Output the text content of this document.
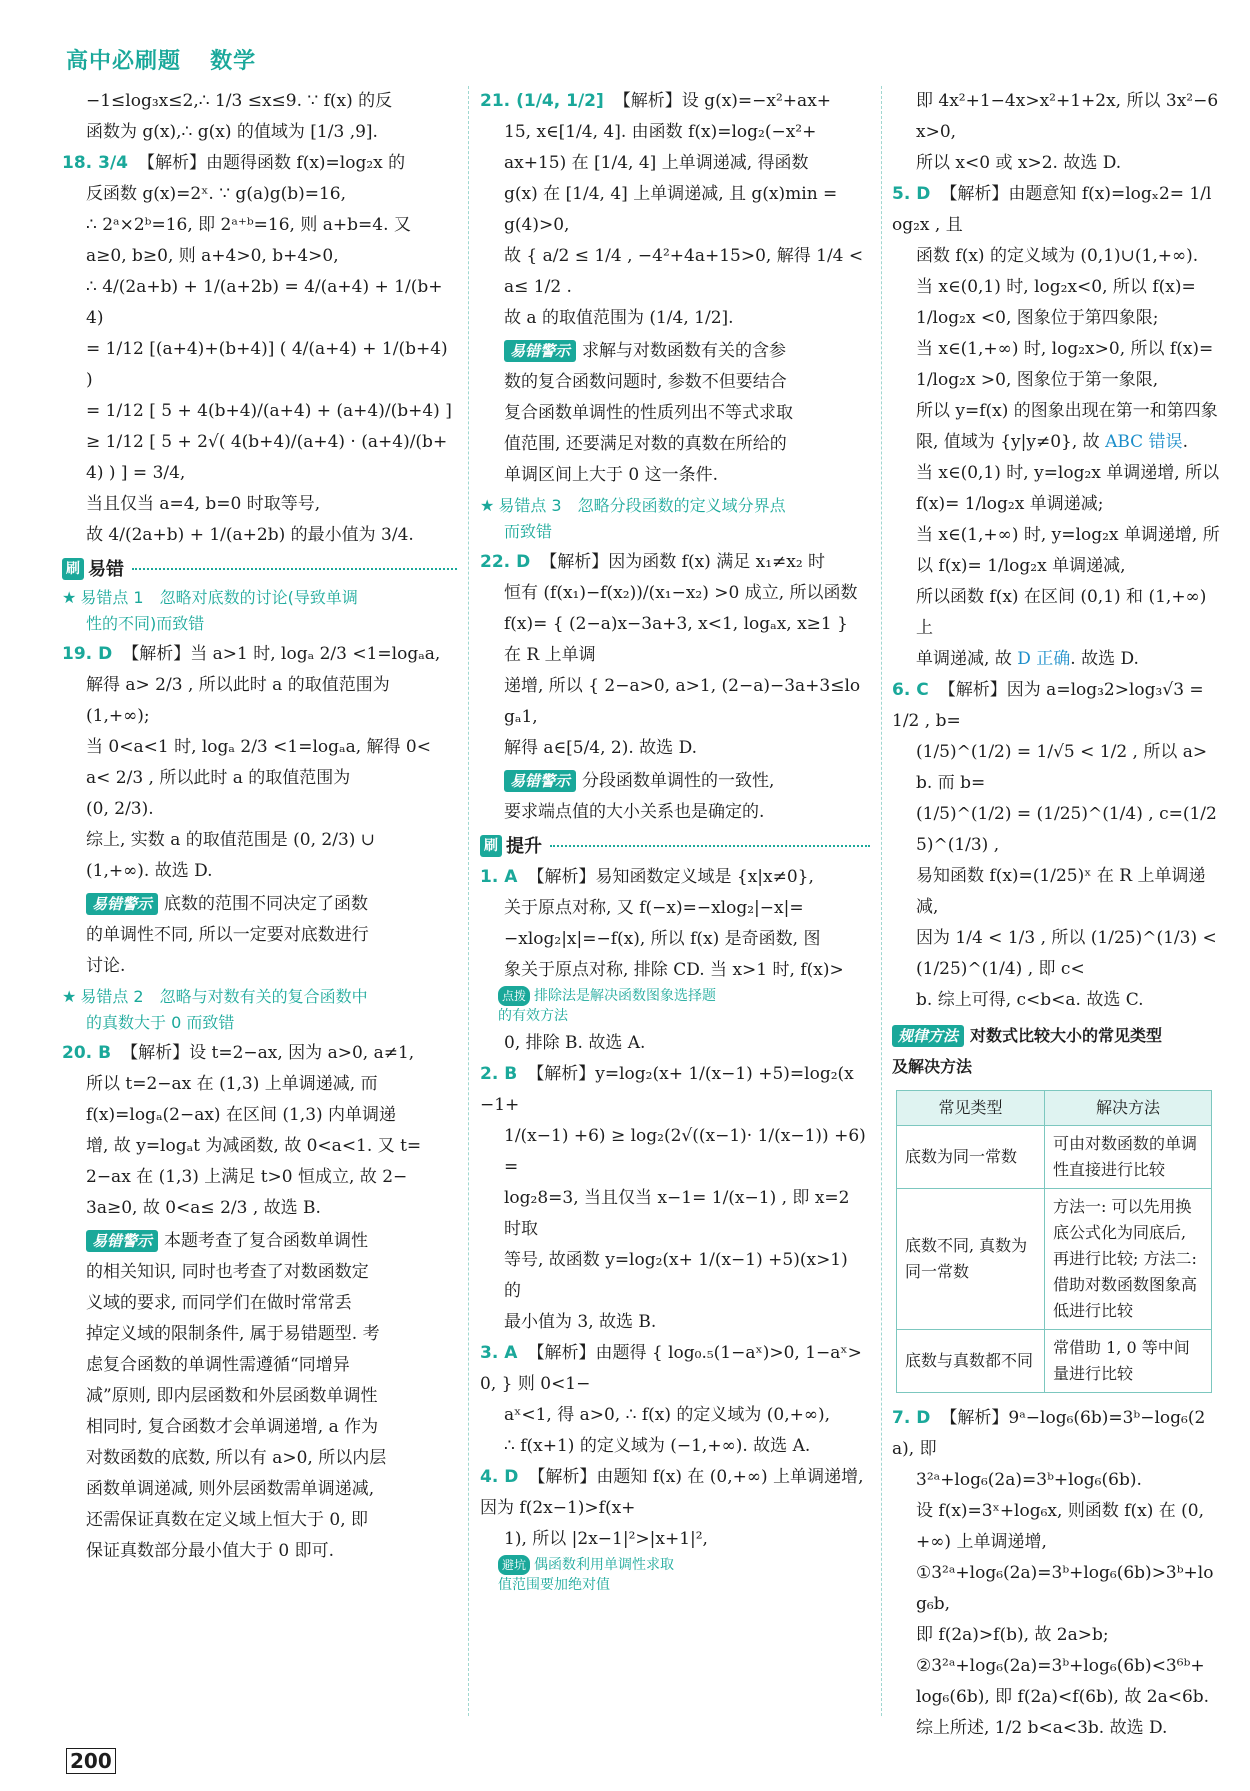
高中必刷题 数学
−1≤log₃x≤2,∴ 1/3 ≤x≤9. ∵ f(x) 的反
函数为 g(x),∴ g(x) 的值域为 [1/3 ,9].
18. 3/4 【解析】由题得函数 f(x)=log₂x 的
反函数 g(x)=2ˣ. ∵ g(a)g(b)=16,
∴ 2ᵃ×2ᵇ=16, 即 2ᵃ⁺ᵇ=16, 则 a+b=4. 又
a≥0, b≥0, 则 a+4>0, b+4>0,
∴ 4/(2a+b) + 1/(a+2b) = 4/(a+4) + 1/(b+4)
= 1/12 [(a+4)+(b+4)] ( 4/(a+4) + 1/(b+4) )
= 1/12 [ 5 + 4(b+4)/(a+4) + (a+4)/(b+4) ]
≥ 1/12 [ 5 + 2√( 4(b+4)/(a+4) · (a+4)/(b+4) ) ] = 3/4,
当且仅当 a=4, b=0 时取等号,
故 4/(2a+b) + 1/(a+2b) 的最小值为 3/4.
刷 易错
★ 易错点 1　忽略对底数的讨论(导致单调
性的不同)而致错
19. D 【解析】当 a>1 时, logₐ 2/3 <1=logₐa,
解得 a> 2/3 , 所以此时 a 的取值范围为
(1,+∞);
当 0<a<1 时, logₐ 2/3 <1=logₐa, 解得 0<
a< 2/3 , 所以此时 a 的取值范围为
(0, 2/3).
综上, 实数 a 的取值范围是 (0, 2/3) ∪
(1,+∞). 故选 D.
易错警示 底数的范围不同决定了函数
的单调性不同, 所以一定要对底数进行
讨论.
★ 易错点 2　忽略与对数有关的复合函数中
的真数大于 0 而致错
20. B 【解析】设 t=2−ax, 因为 a>0, a≠1,
所以 t=2−ax 在 (1,3) 上单调递减, 而
f(x)=logₐ(2−ax) 在区间 (1,3) 内单调递
增, 故 y=logₐt 为减函数, 故 0<a<1. 又 t=
2−ax 在 (1,3) 上满足 t>0 恒成立, 故 2−
3a≥0, 故 0<a≤ 2/3 , 故选 B.
易错警示 本题考查了复合函数单调性
的相关知识, 同时也考查了对数函数定
义域的要求, 而同学们在做时常常丢
掉定义域的限制条件, 属于易错题型. 考
虑复合函数的单调性需遵循“同增异
减”原则, 即内层函数和外层函数单调性
相同时, 复合函数才会单调递增, a 作为
对数函数的底数, 所以有 a>0, 所以内层
函数单调递减, 则外层函数需单调递减,
还需保证真数在定义域上恒大于 0, 即
保证真数部分最小值大于 0 即可.
21. (1/4, 1/2] 【解析】设 g(x)=−x²+ax+
15, x∈[1/4, 4]. 由函数 f(x)=log₂(−x²+
ax+15) 在 [1/4, 4] 上单调递减, 得函数
g(x) 在 [1/4, 4] 上单调递减, 且 g(x)min =
g(4)>0,
故 { a/2 ≤ 1/4 , −4²+4a+15>0, 解得 1/4 <a≤ 1/2 .
故 a 的取值范围为 (1/4, 1/2].
易错警示 求解与对数函数有关的含参
数的复合函数问题时, 参数不但要结合
复合函数单调性的性质列出不等式求取
值范围, 还要满足对数的真数在所给的
单调区间上大于 0 这一条件.
★ 易错点 3　忽略分段函数的定义域分界点
而致错
22. D 【解析】因为函数 f(x) 满足 x₁≠x₂ 时
恒有 (f(x₁)−f(x₂))/(x₁−x₂) >0 成立, 所以函数
f(x)= { (2−a)x−3a+3, x<1, logₐx, x≥1 } 在 R 上单调
递增, 所以 { 2−a>0, a>1, (2−a)−3a+3≤logₐ1,
解得 a∈[5/4, 2). 故选 D.
易错警示 分段函数单调性的一致性,
要求端点值的大小关系也是确定的.
刷 提升
1. A 【解析】易知函数定义域是 {x|x≠0},
关于原点对称, 又 f(−x)=−xlog₂|−x|=
−xlog₂|x|=−f(x), 所以 f(x) 是奇函数, 图
象关于原点对称, 排除 CD. 当 x>1 时, f(x)>
点拨 排除法是解决函数图象选择题
的有效方法
0, 排除 B. 故选 A.
2. B 【解析】y=log₂(x+ 1/(x−1) +5)=log₂(x−1+
1/(x−1) +6) ≥ log₂(2√((x−1)· 1/(x−1)) +6)=
log₂8=3, 当且仅当 x−1= 1/(x−1) , 即 x=2 时取
等号, 故函数 y=log₂(x+ 1/(x−1) +5)(x>1) 的
最小值为 3, 故选 B.
3. A 【解析】由题得 { log₀.₅(1−aˣ)>0, 1−aˣ>0, } 则 0<1−
aˣ<1, 得 a>0, ∴ f(x) 的定义域为 (0,+∞),
∴ f(x+1) 的定义域为 (−1,+∞). 故选 A.
4. D 【解析】由题知 f(x) 在 (0,+∞) 上单调递增, 因为 f(2x−1)>f(x+
1), 所以 |2x−1|²>|x+1|²,
避坑 偶函数利用单调性求取
值范围要加绝对值
即 4x²+1−4x>x²+1+2x, 所以 3x²−6x>0,
所以 x<0 或 x>2. 故选 D.
5. D 【解析】由题意知 f(x)=logₓ2= 1/log₂x , 且
函数 f(x) 的定义域为 (0,1)∪(1,+∞).
当 x∈(0,1) 时, log₂x<0, 所以 f(x)=
1/log₂x <0, 图象位于第四象限;
当 x∈(1,+∞) 时, log₂x>0, 所以 f(x)=
1/log₂x >0, 图象位于第一象限,
所以 y=f(x) 的图象出现在第一和第四象
限, 值域为 {y|y≠0}, 故 ABC 错误.
当 x∈(0,1) 时, y=log₂x 单调递增, 所以
f(x)= 1/log₂x 单调递减;
当 x∈(1,+∞) 时, y=log₂x 单调递增, 所
以 f(x)= 1/log₂x 单调递减,
所以函数 f(x) 在区间 (0,1) 和 (1,+∞) 上
单调递减, 故 D 正确. 故选 D.
6. C 【解析】因为 a=log₃2>log₃√3 = 1/2 , b=
(1/5)^(1/2) = 1/√5 < 1/2 , 所以 a>b. 而 b=
(1/5)^(1/2) = (1/25)^(1/4) , c=(1/25)^(1/3) ,
易知函数 f(x)=(1/25)ˣ 在 R 上单调递减,
因为 1/4 < 1/3 , 所以 (1/25)^(1/3) <(1/25)^(1/4) , 即 c<
b. 综上可得, c<b<a. 故选 C.
规律方法 对数式比较大小的常见类型
及解决方法
常见类型	解决方法
底数为同一常数	可由对数函数的单调性直接进行比较
底数不同, 真数为同一常数	方法一: 可以先用换底公式化为同底后, 再进行比较; 方法二: 借助对数函数图象高低进行比较
底数与真数都不同	常借助 1, 0 等中间量进行比较
7. D 【解析】9ᵃ−log₆(6b)=3ᵇ−log₆(2a), 即
3²ᵃ+log₆(2a)=3ᵇ+log₆(6b).
设 f(x)=3ˣ+log₆x, 则函数 f(x) 在 (0,
+∞) 上单调递增,
①3²ᵃ+log₆(2a)=3ᵇ+log₆(6b)>3ᵇ+log₆b,
即 f(2a)>f(b), 故 2a>b;
②3²ᵃ+log₆(2a)=3ᵇ+log₆(6b)<3⁶ᵇ+
log₆(6b), 即 f(2a)<f(6b), 故 2a<6b.
综上所述, 1/2 b<a<3b. 故选 D.
200
